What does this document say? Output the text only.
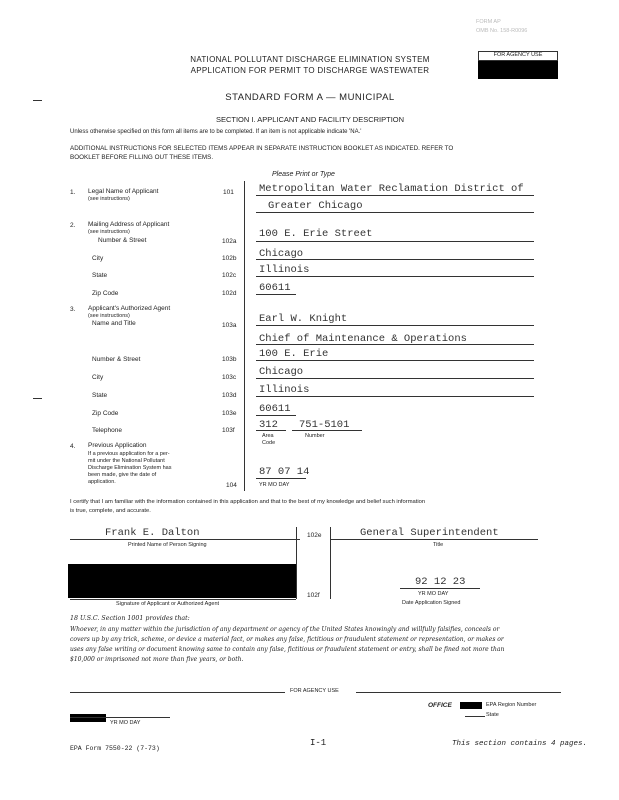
FORM AP
OMB No. 158-R0096
FOR AGENCY USE
NATIONAL POLLUTANT DISCHARGE ELIMINATION SYSTEM
APPLICATION FOR PERMIT TO DISCHARGE WASTEWATER
STANDARD FORM A — MUNICIPAL
SECTION I. APPLICANT AND FACILITY DESCRIPTION
Unless otherwise specified on this form all items are to be completed. If an item is not applicable indicate 'NA.'
ADDITIONAL INSTRUCTIONS FOR SELECTED ITEMS APPEAR IN SEPARATE INSTRUCTION BOOKLET AS INDICATED. REFER TO
BOOKLET BEFORE FILLING OUT THESE ITEMS.
Please Print or Type
1. Legal Name of Applicant
(see instructions)
101 Metropolitan Water Reclamation District of
Greater Chicago
2. Mailing Address of Applicant
(see instructions)
Number & Street	102a
100 E. Erie Street
City	102b Chicago
State	102c Illinois
Zip Code	102d 60611
3. Applicant's Authorized Agent
(see instructions)
Name and Title	103a
Earl W. Knight
Chief of Maintenance & Operations
Number & Street	103b 100 E. Erie
City	103c Chicago
State	103d Illinois
Zip Code	103e 60611
Telephone	103f 312 751-5101
Area
Code
Number
4. Previous Application
If a previous application for a per-
mit under the National Pollutant
Discharge Elimination System has
been made, give the date of
application.	104
87 07 14
YR MO DAY
I certify that I am familiar with the information contained in this application and that to the best of my knowledge and belief such information
is true, complete, and accurate.
Frank E. Dalton
Printed Name of Person Signing
102e	General Superintendent
Title
Signature of Applicant or Authorized Agent
102f
92 12 23
YR MO DAY
Date Application Signed
18 U.S.C. Section 1001 provides that:
Whoever, in any matter within the jurisdiction of any department or agency of the United States knowingly and willfully falsifies, conceals or
covers up by any trick, scheme, or device a material fact, or makes any false, fictitious or fraudulent statement or representation, or makes or
uses any false writing or document knowing same to contain any false, fictitious or fraudulent statement or entry, shall be fined not more than
$10,000 or imprisoned not more than five years, or both.
FOR AGENCY USE
OFFICE	EPA Region Number
State
YR MO DAY
EPA Form 7550-22 (7-73)
I-1	This section contains 4 pages.
